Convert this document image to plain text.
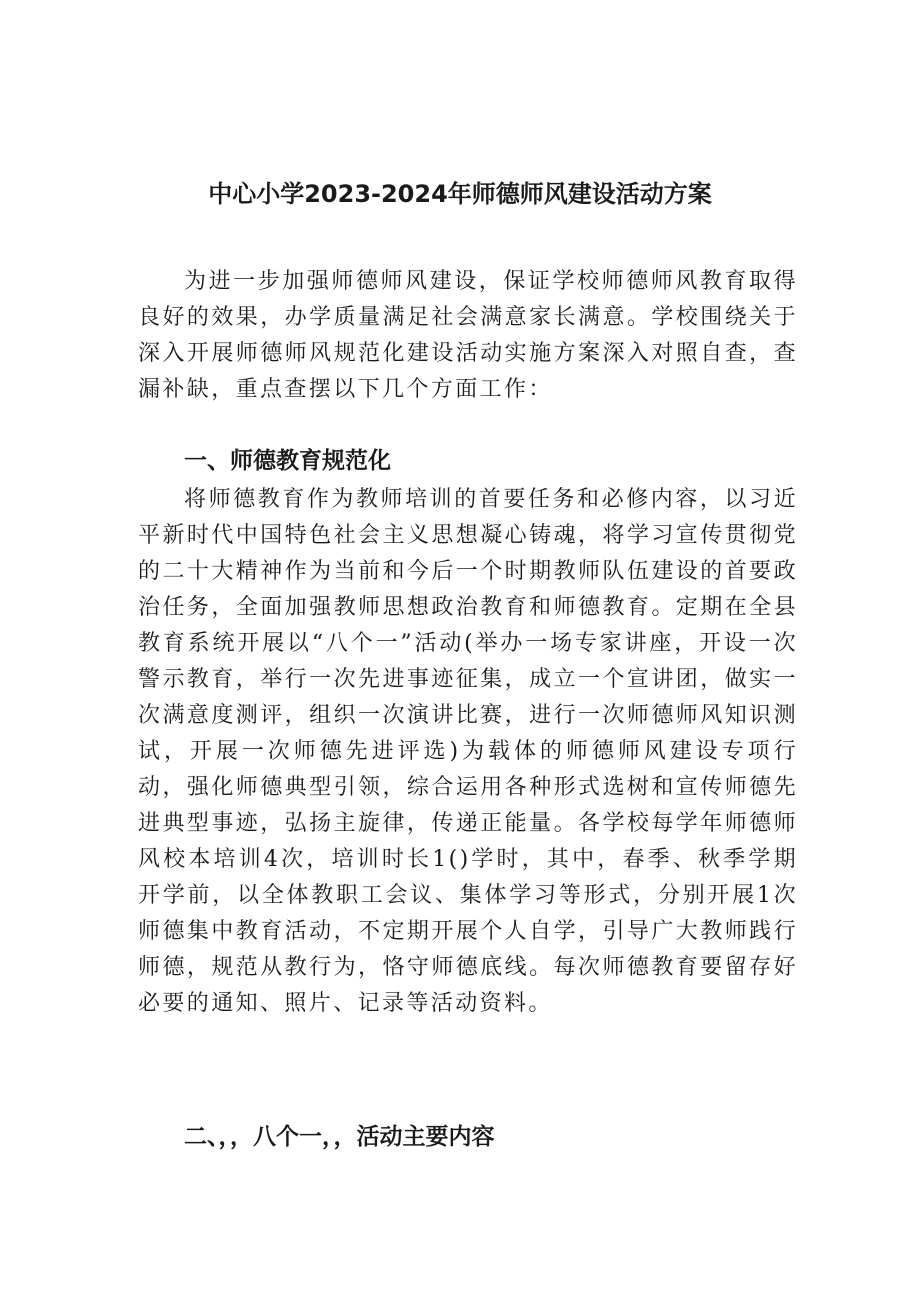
中心小学2023-2024年师德师风建设活动方案

为进一步加强师德师风建设，保证学校师德师风教育取得良好的效果，办学质量满足社会满意家长满意。学校围绕关于深入开展师德师风规范化建设活动实施方案深入对照自查，查漏补缺，重点查摆以下几个方面工作：

一、师德教育规范化

将师德教育作为教师培训的首要任务和必修内容，以习近平新时代中国特色社会主义思想凝心铸魂，将学习宣传贯彻党的二十大精神作为当前和今后一个时期教师队伍建设的首要政治任务，全面加强教师思想政治教育和师德教育。定期在全县教育系统开展以“八个一”活动(举办一场专家讲座，开设一次警示教育，举行一次先进事迹征集，成立一个宣讲团，做实一次满意度测评，组织一次演讲比赛，进行一次师德师风知识测试，开展一次师德先进评选)为载体的师德师风建设专项行动，强化师德典型引领，综合运用各种形式选树和宣传师德先进典型事迹，弘扬主旋律，传递正能量。各学校每学年师德师风校本培训4次，培训时长1()学时，其中，春季、秋季学期开学前，以全体教职工会议、集体学习等形式，分别开展1次师德集中教育活动，不定期开展个人自学，引导广大教师践行师德，规范从教行为，恪守师德底线。每次师德教育要留存好必要的通知、照片、记录等活动资料。

二、，，八个一，，活动主要内容
